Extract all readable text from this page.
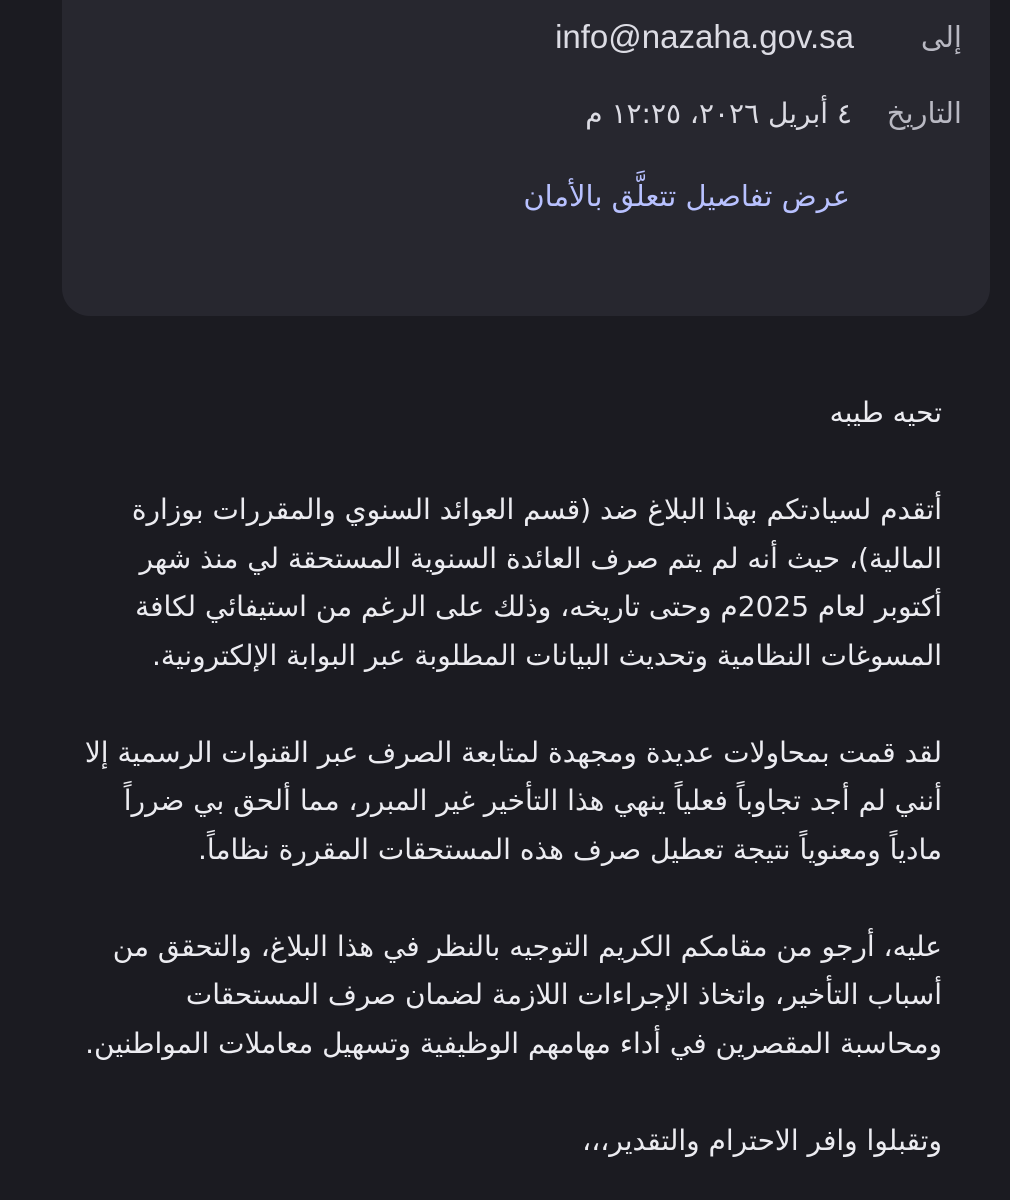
إلى
info@nazaha.gov.sa
التاريخ
٤ أبريل ٢٠٢٦، ١٢:٢٥ م
عرض تفاصيل تتعلَّق بالأمان
تحيه طيبه
أتقدم لسيادتكم بهذا البلاغ ضد (قسم العوائد السنوي والمقررات بوزارة
المالية)، حيث أنه لم يتم صرف العائدة السنوية المستحقة لي منذ شهر
أكتوبر لعام 2025م وحتى تاريخه، وذلك على الرغم من استيفائي لكافة
المسوغات النظامية وتحديث البيانات المطلوبة عبر البوابة الإلكترونية.
لقد قمت بمحاولات عديدة ومجهدة لمتابعة الصرف عبر القنوات الرسمية إلا
أنني لم أجد تجاوباً فعلياً ينهي هذا التأخير غير المبرر، مما ألحق بي ضرراً
مادياً ومعنوياً نتيجة تعطيل صرف هذه المستحقات المقررة نظاماً.
عليه، أرجو من مقامكم الكريم التوجيه بالنظر في هذا البلاغ، والتحقق من
أسباب التأخير، واتخاذ الإجراءات اللازمة لضمان صرف المستحقات
ومحاسبة المقصرين في أداء مهامهم الوظيفية وتسهيل معاملات المواطنين.
وتقبلوا وافر الاحترام والتقدير،،،
